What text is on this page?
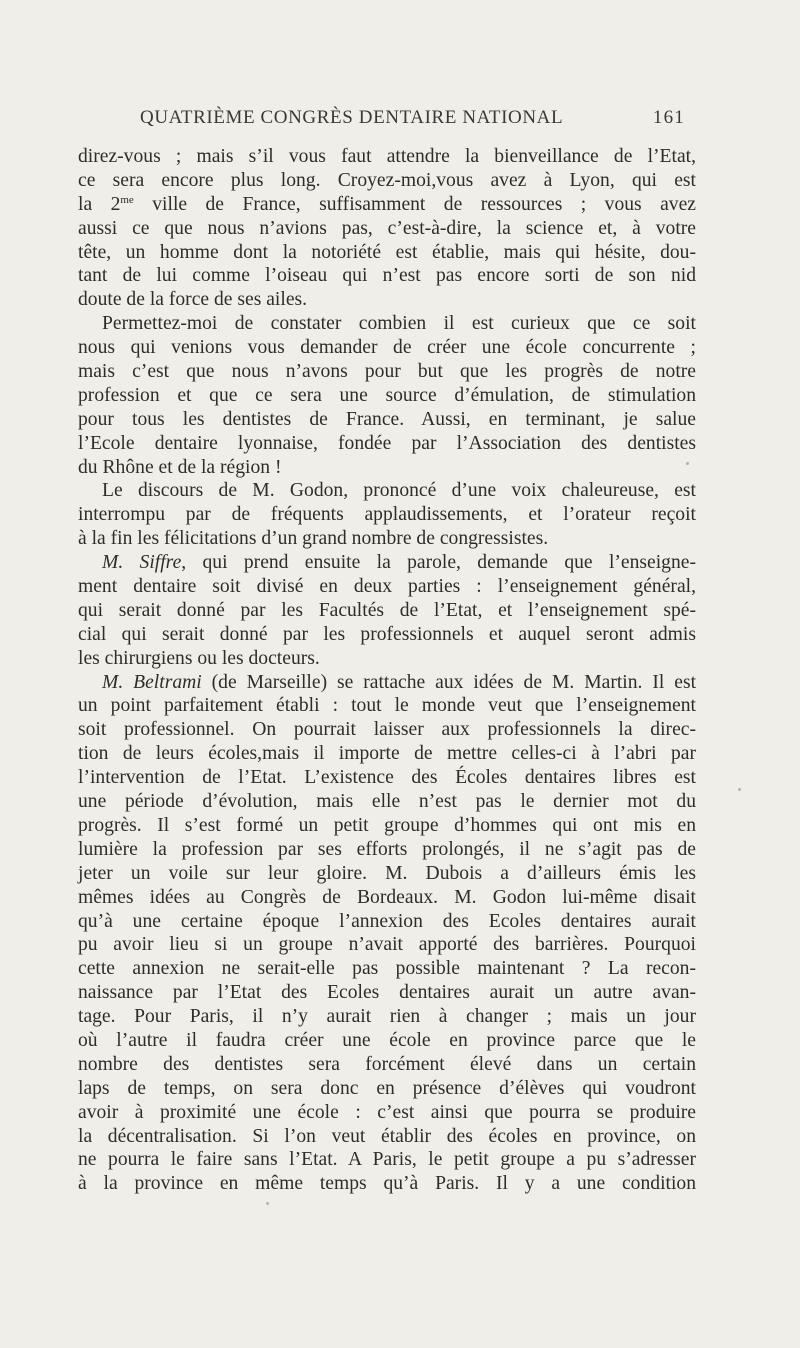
QUATRIÈME CONGRÈS DENTAIRE NATIONAL	161
direz-vous ; mais s’il vous faut attendre la bienveillance de l’Etat,
ce sera encore plus long. Croyez-moi,vous avez à Lyon, qui est
la $2^{me}$ ville de France, suffisamment de ressources ; vous avez
aussi ce que nous n’avions pas, c’est-à-dire, la science et, à votre
tête, un homme dont la notoriété est établie, mais qui hésite, dou-
tant de lui comme l’oiseau qui n’est pas encore sorti de son nid
doute de la force de ses ailes.
Permettez-moi de constater combien il est curieux que ce soit
nous qui venions vous demander de créer une école concurrente ;
mais c’est que nous n’avons pour but que les progrès de notre
profession et que ce sera une source d’émulation, de stimulation
pour tous les dentistes de France. Aussi, en terminant, je salue
l’Ecole dentaire lyonnaise, fondée par l’Association des dentistes
du Rhône et de la région !
Le discours de M. Godon, prononcé d’une voix chaleureuse, est
interrompu par de fréquents applaudissements, et l’orateur reçoit
à la fin les félicitations d’un grand nombre de congressistes.
M. Siffre, qui prend ensuite la parole, demande que l’enseigne-
ment dentaire soit divisé en deux parties : l’enseignement général,
qui serait donné par les Facultés de l’Etat, et l’enseignement spé-
cial qui serait donné par les professionnels et auquel seront admis
les chirurgiens ou les docteurs.
M. Beltrami (de Marseille) se rattache aux idées de M. Martin. Il est
un point parfaitement établi : tout le monde veut que l’enseignement
soit professionnel. On pourrait laisser aux professionnels la direc-
tion de leurs écoles,mais il importe de mettre celles-ci à l’abri par
l’intervention de l’Etat. L’existence des Écoles dentaires libres est
une période d’évolution, mais elle n’est pas le dernier mot du
progrès. Il s’est formé un petit groupe d’hommes qui ont mis en
lumière la profession par ses efforts prolongés, il ne s’agit pas de
jeter un voile sur leur gloire. M. Dubois a d’ailleurs émis les
mêmes idées au Congrès de Bordeaux. M. Godon lui-même disait
qu’à une certaine époque l’annexion des Ecoles dentaires aurait
pu avoir lieu si un groupe n’avait apporté des barrières. Pourquoi
cette annexion ne serait-elle pas possible maintenant ? La recon-
naissance par l’Etat des Ecoles dentaires aurait un autre avan-
tage. Pour Paris, il n’y aurait rien à changer ; mais un jour
où l’autre il faudra créer une école en province parce que le
nombre des dentistes sera forcément élevé dans un certain
laps de temps, on sera donc en présence d’élèves qui voudront
avoir à proximité une école : c’est ainsi que pourra se produire
la décentralisation. Si l’on veut établir des écoles en province, on
ne pourra le faire sans l’Etat. A Paris, le petit groupe a pu s’adresser
à la province en même temps qu’à Paris. Il y a une condition
